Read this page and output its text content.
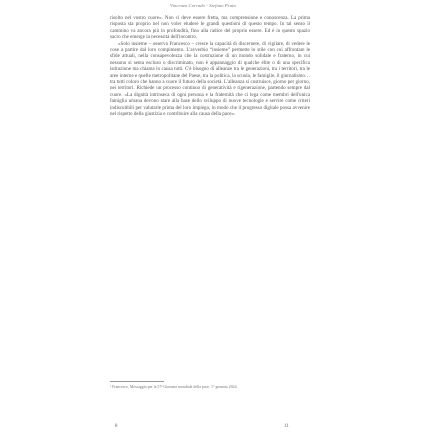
Vincenzo Corrado - Stefano Prata

risolto nel vostro cuore». Non ci deve essere fretta, ma comprensione e conoscenza. La prima risposta sta proprio nel non voler eludere le grandi questioni di questo tempo. In tal senso il cammino va ancora più in profondità, fino alla radice del proprio essere. Ed è in questo spazio sacro che emerge la necessità dell'incontro.

«Solo insieme – osserva Francesco – cresce la capacità di discernere, di vigilare, di vedere le cose a partire dal loro compimento. L'avverbio “insieme” permette lo stile con cui affrontare le sfide attuali, nella consapevolezza che la costruzione di un mondo solidale e fraterno, in cui nessuno si senta escluso o discriminato, non è appannaggio di qualche élite o di una specifica istituzione ma chiama in causa tutti. C'è bisogno di alleanze tra le generazioni, tra i territori, tra le aree interne e quelle metropolitane del Paese, tra la politica, la scuola, le famiglie, il giornalismo… tra tutti coloro che hanno a cuore il futuro della società. L'alleanza si costruisce, giorno per giorno, nei territori. Richiede un processo continuo di generatività e rigenerazione, partendo sempre dal cuore. «La dignità intrinseca di ogni persona e la fraternità che ci lega come membri dell'unica famiglia umana devono stare alla base dello sviluppo di nuove tecnologie e servire come criteri indiscutibili per valutarle prima del loro impiego, in modo che il progresso digitale possa avvenire nel rispetto della giustizia e contribuire alla causa della pace».

¹ Francesco, Messaggio per la 57ª Giornata mondiale della pace, 1° gennaio 2024.
8	11
